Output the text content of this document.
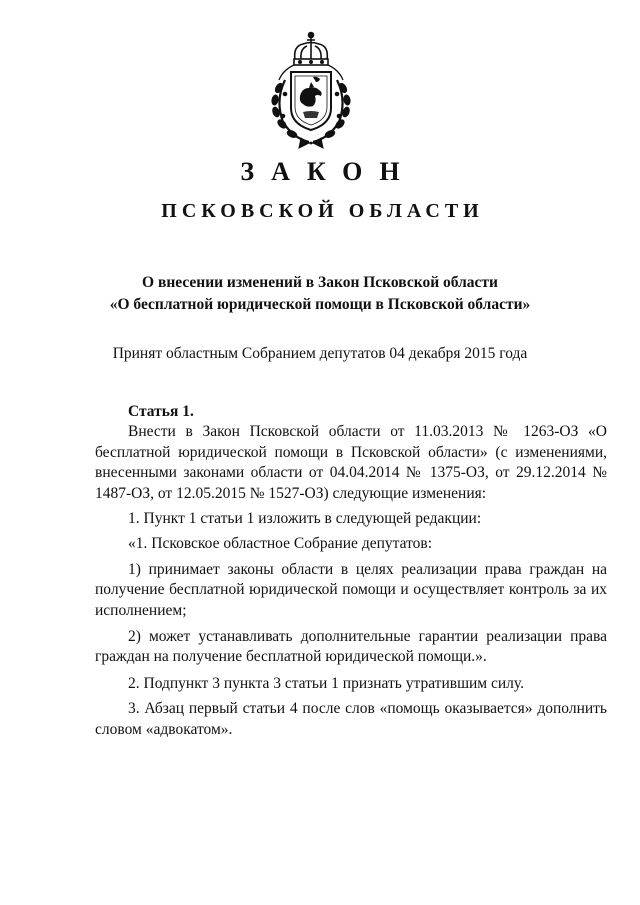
ЗАКОН
ПСКОВСКОЙ ОБЛАСТИ
О внесении изменений в Закон Псковской области
«О бесплатной юридической помощи в Псковской области»
Принят областным Собранием депутатов 04 декабря 2015 года

Статья 1.

Внести в Закон Псковской области от 11.03.2013 № 1263-ОЗ «О бесплатной юридической помощи в Псковской области» (с изменениями, внесенными законами области от 04.04.2014 № 1375-ОЗ, от 29.12.2014 № 1487-ОЗ, от 12.05.2015 № 1527-ОЗ) следующие изменения:

1. Пункт 1 статьи 1 изложить в следующей редакции:

«1. Псковское областное Собрание депутатов:

1) принимает законы области в целях реализации права граждан на получение бесплатной юридической помощи и осуществляет контроль за их исполнением;

2) может устанавливать дополнительные гарантии реализации права граждан на получение бесплатной юридической помощи.».

2. Подпункт 3 пункта 3 статьи 1 признать утратившим силу.

3. Абзац первый статьи 4 после слов «помощь оказывается» дополнить словом «адвокатом».
